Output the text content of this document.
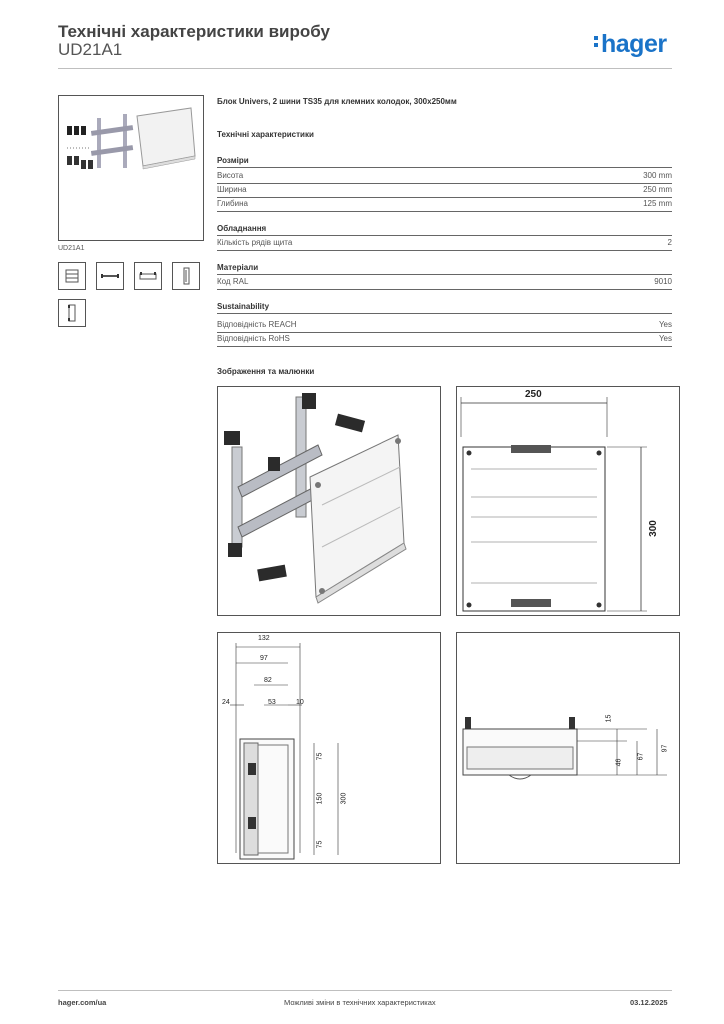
Технічні характеристики виробу
UD21A1	hager
UD21A1
Блок Univers, 2 шини TS35 для клемних колодок, 300x250мм
Технічні характеристики
Розміри
Висота	300 mm
Ширина	250 mm
Глибина	125 mm
Обладнання
Кількість рядів щита	2
Матеріали
Код RAL	9010
Sustainability
Відповідність REACH	Yes
Відповідність RoHS	Yes
Зображення та малюнки
250
300
132
97
82
53
24	10
75
150
75
300
15
46
67
97
hager.com/ua	Можливі зміни в технічних характеристиках	03.12.2025
